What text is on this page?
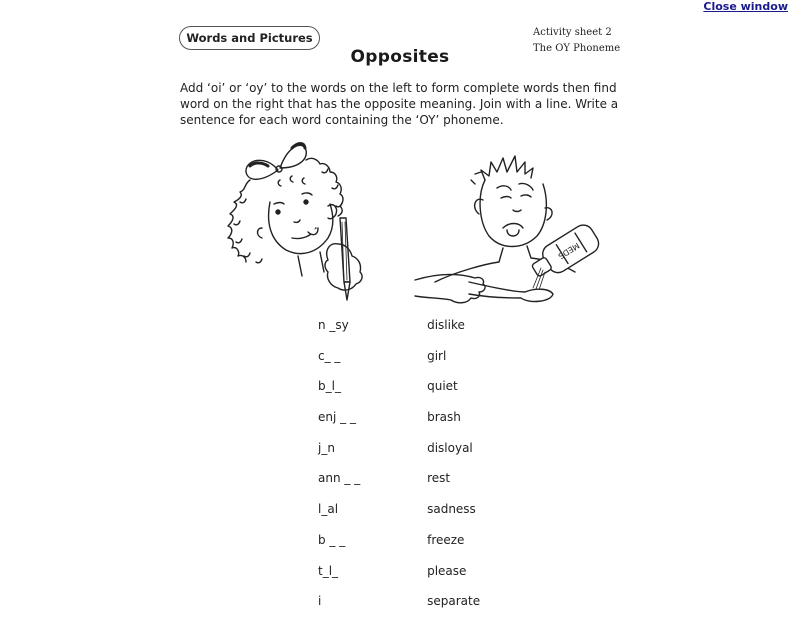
Close window
Words and Pictures	Activity sheet 2
The OY Phoneme
Opposites
Add ‘oi’ or ‘oy’ to the words on the left to form complete words then find word on the right that has the opposite meaning. Join with a line. Write a sentence for each word containing the ‘OY’ phoneme.
MEDS
n _sy	dislike
c_ _	girl
b_l_	quiet
enj _ _	brash
j_n	disloyal
ann _ _	rest
l_al	sadness
b _ _	freeze
t_l_	please
i	separate
